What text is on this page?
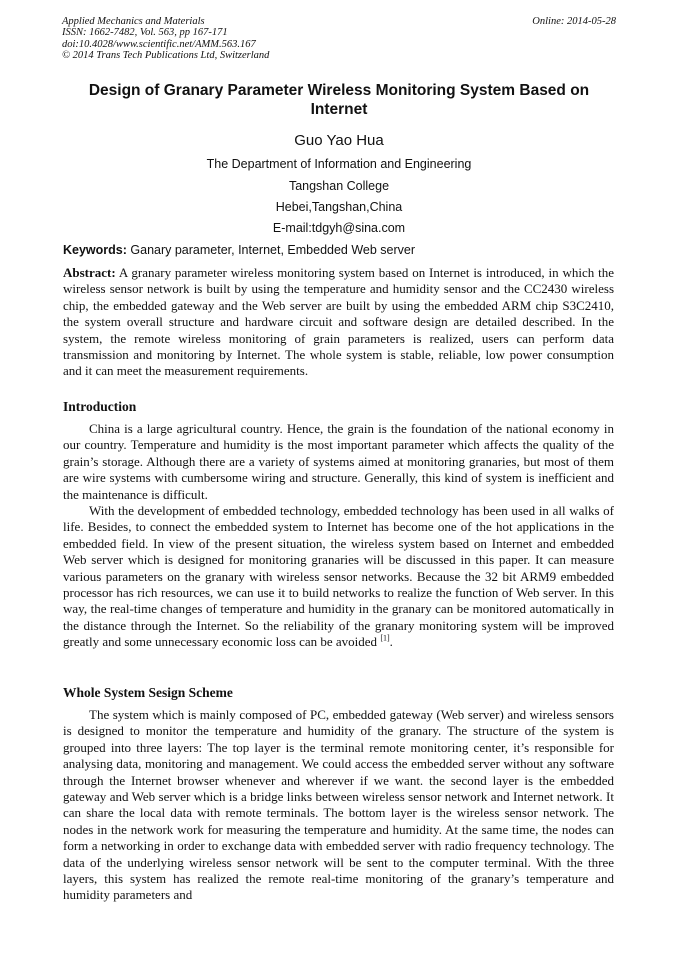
Applied Mechanics and Materials
ISSN: 1662-7482, Vol. 563, pp 167-171
doi:10.4028/www.scientific.net/AMM.563.167
© 2014 Trans Tech Publications Ltd, Switzerland
Online: 2014-05-28
Design of Granary Parameter Wireless Monitoring System Based on Internet
Guo Yao Hua
The Department of Information and Engineering
Tangshan College
Hebei,Tangshan,China
E-mail:tdgyh@sina.com
Keywords: Ganary parameter, Internet, Embedded Web server

Abstract: A granary parameter wireless monitoring system based on Internet is introduced, in which the wireless sensor network is built by using the temperature and humidity sensor and the CC2430 wireless chip, the embedded gateway and the Web server are built by using the embedded ARM chip S3C2410, the system overall structure and hardware circuit and software design are detailed described. In the system, the remote wireless monitoring of grain parameters is realized, users can perform data transmission and monitoring by Internet. The whole system is stable, reliable, low power consumption and it can meet the measurement requirements.

Introduction

China is a large agricultural country. Hence, the grain is the foundation of the national economy in our country. Temperature and humidity is the most important parameter which affects the quality of the grain’s storage. Although there are a variety of systems aimed at monitoring granaries, but most of them are wire systems with cumbersome wiring and structure. Generally, this kind of system is inefficient and the maintenance is difficult.

With the development of embedded technology, embedded technology has been used in all walks of life. Besides, to connect the embedded system to Internet has become one of the hot applications in the embedded field. In view of the present situation, the wireless system based on Internet and embedded Web server which is designed for monitoring granaries will be discussed in this paper. It can measure various parameters on the granary with wireless sensor networks. Because the 32 bit ARM9 embedded processor has rich resources, we can use it to build networks to realize the function of Web server. In this way, the real-time changes of temperature and humidity in the granary can be monitored automatically in the distance through the Internet. So the reliability of the granary monitoring system will be improved greatly and some unnecessary economic loss can be avoided [1].

Whole System Sesign Scheme

The system which is mainly composed of PC, embedded gateway (Web server) and wireless sensors is designed to monitor the temperature and humidity of the granary. The structure of the system is grouped into three layers: The top layer is the terminal remote monitoring center, it’s responsible for analysing data, monitoring and management. We could access the embedded server without any software through the Internet browser whenever and wherever if we want. the second layer is the embedded gateway and Web server which is a bridge links between wireless sensor network and Internet network. It can share the local data with remote terminals. The bottom layer is the wireless sensor network. The nodes in the network work for measuring the temperature and humidity. At the same time, the nodes can form a networking in order to exchange data with embedded server with radio frequency technology. The data of the underlying wireless sensor network will be sent to the computer terminal. With the three layers, this system has realized the remote real-time monitoring of the granary’s temperature and humidity parameters and
